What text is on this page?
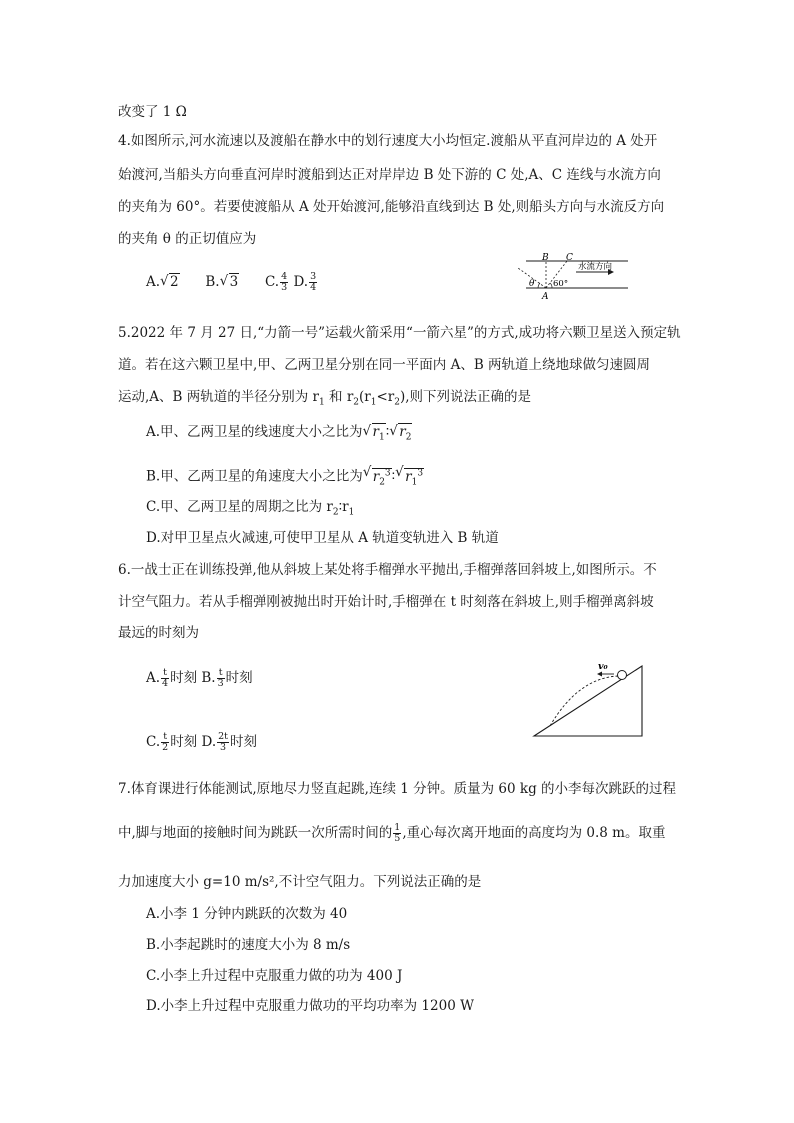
改变了 1 Ω
4.如图所示,河水流速以及渡船在静水中的划行速度大小均恒定.渡船从平直河岸边的 A 处开
始渡河,当船头方向垂直河岸时渡船到达正对岸岸边 B 处下游的 C 处,A、C 连线与水流方向
的夹角为 60°。若要使渡船从 A 处开始渡河,能够沿直线到达 B 处,则船头方向与水流反方向
的夹角 θ 的正切值应为
A.√ 2 B.√ 3 C. $\frac{4}{3} D$. $\frac{3}{4}$
B C
A
θ 60°
水流方向
5.2022 年 7 月 27 日,“力箭一号”运载火箭采用“一箭六星”的方式,成功将六颗卫星送入预定轨
道。若在这六颗卫星中,甲、乙两卫星分别在同一平面内 A、B 两轨道上绕地球做匀速圆周
运动,A、B 两轨道的半径分别为 $r_1$ 和 $r_2(r_1<r_2)$,则下列说法正确的是
A.甲、乙两卫星的线速度大小之比为√ $r_1∶√$ $r_2$
B.甲、乙两卫星的角速度大小之比为√ $r_2^3∶√$ $r_1^3$
C.甲、乙两卫星的周期之比为 $r_2∶r_1$
D.对甲卫星点火减速,可使甲卫星从 A 轨道变轨进入 B 轨道
6.一战士正在训练投弹,他从斜坡上某处将手榴弹水平抛出,手榴弹落回斜坡上,如图所示。不
计空气阻力。若从手榴弹刚被抛出时开始计时,手榴弹在 t 时刻落在斜坡上,则手榴弹离斜坡
最远的时刻为
A. $\frac{t}{4}$ 时刻 B. $\frac{t}{3}$ 时刻
C. $\frac{t}{2}$ 时刻 D. $\frac{2t}{3}$ 时刻
v₀
7.体育课进行体能测试,原地尽力竖直起跳,连续 1 分钟。质量为 60 kg 的小李每次跳跃的过程
中,脚与地面的接触时间为跳跃一次所需时间的 $\frac{1}{5}$ ,重心每次离开地面的高度均为 0.8 m。取重
力加速度大小 g=10 m/s²,不计空气阻力。下列说法正确的是
A.小李 1 分钟内跳跃的次数为 40
B.小李起跳时的速度大小为 8 m/s
C.小李上升过程中克服重力做的功为 400 J
D.小李上升过程中克服重力做功的平均功率为 1200 W
